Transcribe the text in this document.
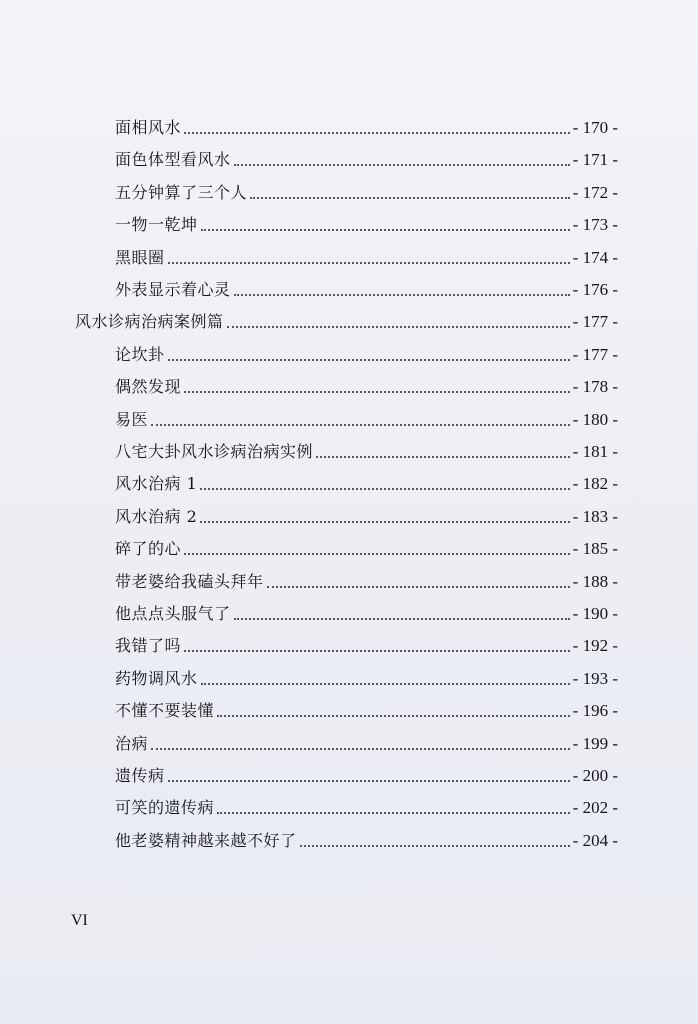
面相风水	- 170 -
面色体型看风水	- 171 -
五分钟算了三个人	- 172 -
一物一乾坤	- 173 -
黑眼圈	- 174 -
外表显示着心灵	- 176 -
风水诊病治病案例篇	- 177 -
论坎卦	- 177 -
偶然发现	- 178 -
易医	- 180 -
八宅大卦风水诊病治病实例	- 181 -
风水治病 1	- 182 -
风水治病 2	- 183 -
碎了的心	- 185 -
带老婆给我磕头拜年	- 188 -
他点点头服气了	- 190 -
我错了吗	- 192 -
药物调风水	- 193 -
不懂不要装懂	- 196 -
治病	- 199 -
遗传病	- 200 -
可笑的遗传病	- 202 -
他老婆精神越来越不好了	- 204 -
VI
